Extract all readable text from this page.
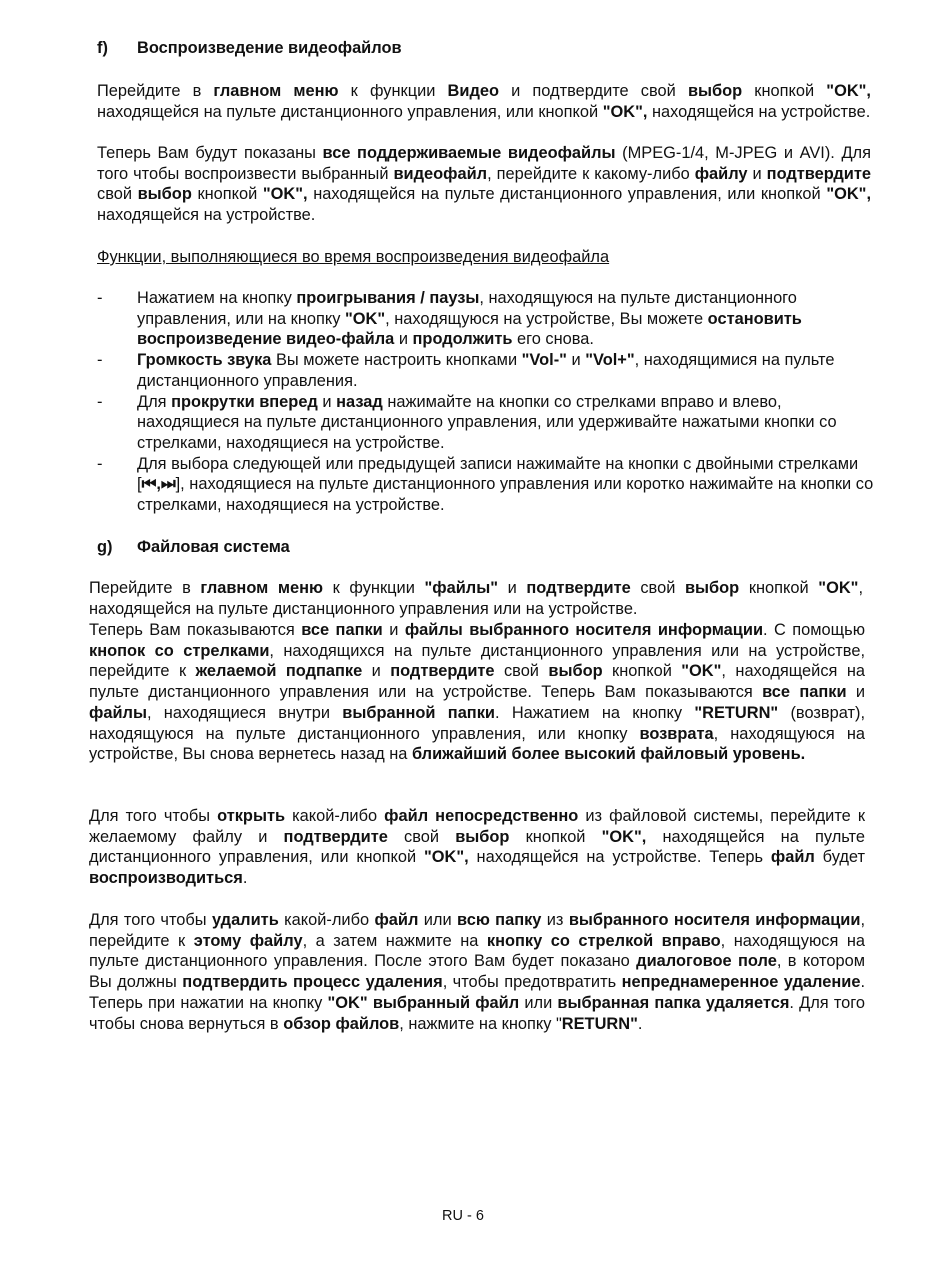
f) Воспроизведение видеофайлов

Перейдите в главном меню к функции Видео и подтвердите свой выбор кнопкой "OK", находящейся на пульте дистанционного управления, или кнопкой "OK", находящейся на устройстве.

Теперь Вам будут показаны все поддерживаемые видеофайлы (MPEG-1/4, M-JPEG и AVI). Для того чтобы воспроизвести выбранный видеофайл, перейдите к какому-либо файлу и подтвердите свой выбор кнопкой "OK", находящейся на пульте дистанционного управления, или кнопкой "OK", находящейся на устройстве.

Функции, выполняющиеся во время воспроизведения видеофайла
- Нажатием на кнопку проигрывания / паузы, находящуюся на пульте дистанционного управления, или на кнопку "OK", находящуюся на устройстве, Вы можете остановить воспроизведение видео-файла и продолжить его снова.
- Громкость звука Вы можете настроить кнопками "Vol-" и "Vol+", находящимися на пульте дистанционного управления.
- Для прокрутки вперед и назад нажимайте на кнопки со стрелками вправо и влево, находящиеся на пульте дистанционного управления, или удерживайте нажатыми кнопки со стрелками, находящиеся на устройстве.
- Для выбора следующей или предыдущей записи нажимайте на кнопки с двойными стрелками [⏮,⏭], находящиеся на пульте дистанционного управления или коротко нажимайте на кнопки со стрелками, находящиеся на устройстве.
g) Файловая система

Перейдите в главном меню к функции "файлы" и подтвердите свой выбор кнопкой "OK", находящейся на пульте дистанционного управления или на устройстве.

Теперь Вам показываются все папки и файлы выбранного носителя информации. С помощью кнопок со стрелками, находящихся на пульте дистанционного управления или на устройстве, перейдите к желаемой подпапке и подтвердите свой выбор кнопкой "OK", находящейся на пульте дистанционного управления или на устройстве. Теперь Вам показываются все папки и файлы, находящиеся внутри выбранной папки. Нажатием на кнопку "RETURN" (возврат), находящуюся на пульте дистанционного управления, или кнопку возврата, находящуюся на устройстве, Вы снова вернетесь назад на ближайший более высокий файловый уровень.

Для того чтобы открыть какой-либо файл непосредственно из файловой системы, перейдите к желаемому файлу и подтвердите свой выбор кнопкой "OK", находящейся на пульте дистанционного управления, или кнопкой "OK", находящейся на устройстве. Теперь файл будет воспроизводиться.

Для того чтобы удалить какой-либо файл или всю папку из выбранного носителя информации, перейдите к этому файлу, а затем нажмите на кнопку со стрелкой вправо, находящуюся на пульте дистанционного управления. После этого Вам будет показано диалоговое поле, в котором Вы должны подтвердить процесс удаления, чтобы предотвратить непреднамеренное удаление. Теперь при нажатии на кнопку "OK" выбранный файл или выбранная папка удаляется. Для того чтобы снова вернуться в обзор файлов, нажмите на кнопку "RETURN".

RU - 6
